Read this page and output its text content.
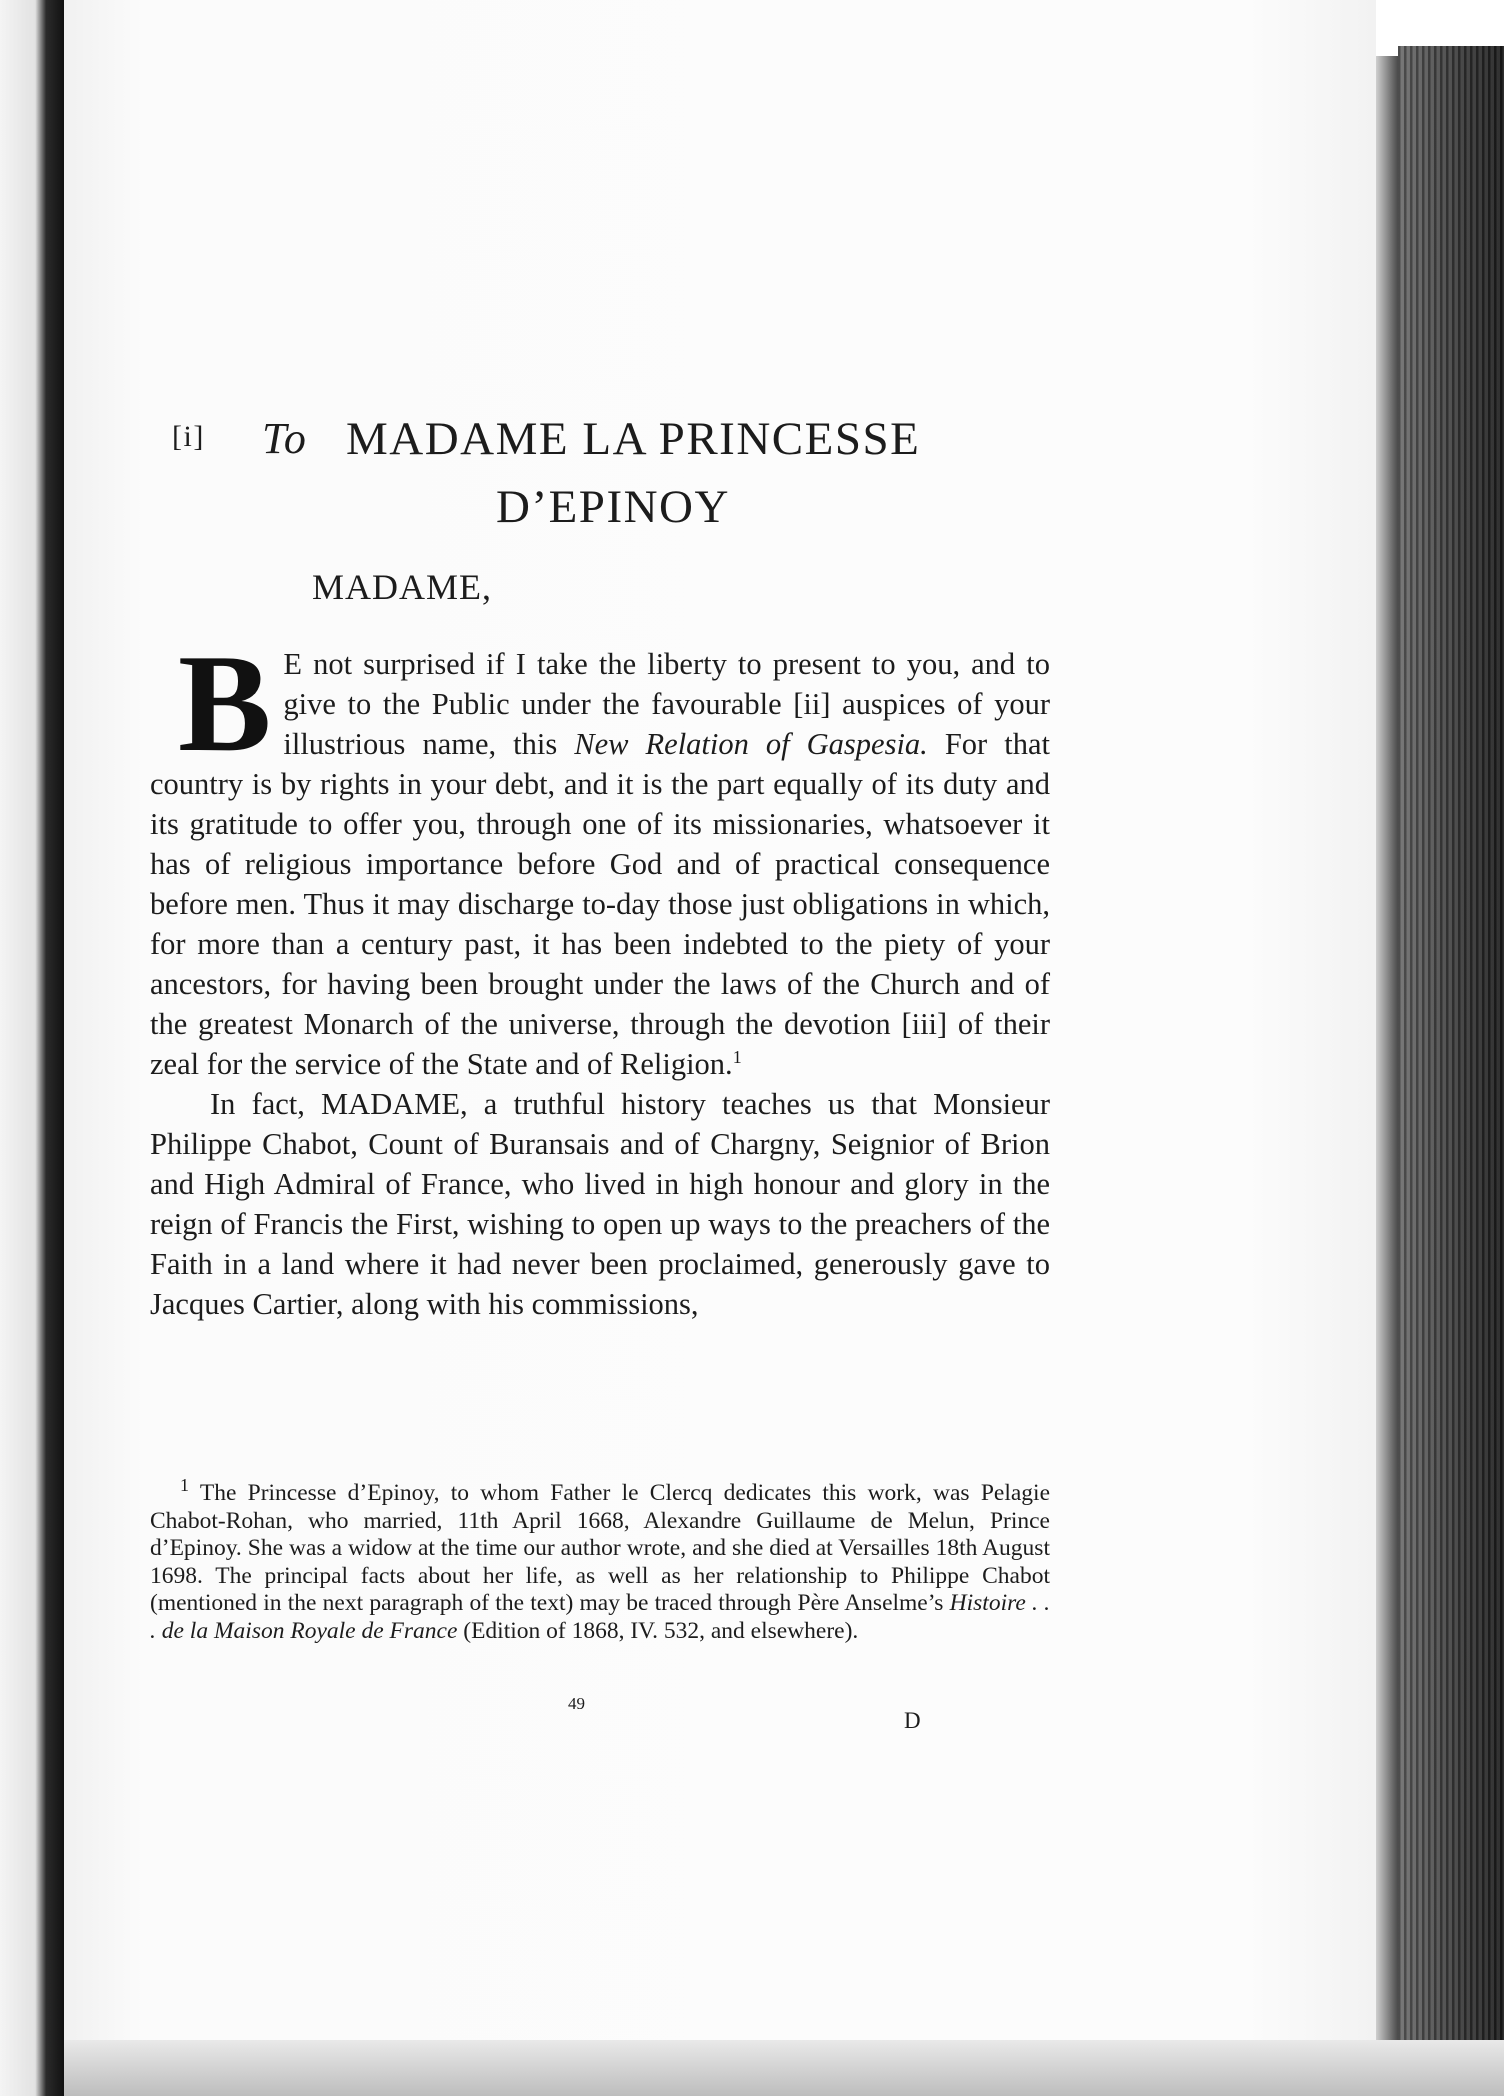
[i] To MADAME LA PRINCESSE
D’EPINOY
MADAME,

B E not surprised if I take the liberty to present to you, and to give to the Public under the favourable [ii] auspices of your illustrious name, this New Relation of Gaspesia. For that country is by rights in your debt, and it is the part equally of its duty and its gratitude to offer you, through one of its missionaries, whatsoever it has of religious importance before God and of practical consequence before men. Thus it may discharge to-day those just obligations in which, for more than a century past, it has been indebted to the piety of your ancestors, for having been brought under the laws of the Church and of the greatest Monarch of the universe, through the devotion [iii] of their zeal for the service of the State and of Religion.$^1$

In fact, MADAME, a truthful history teaches us that Monsieur Philippe Chabot, Count of Buransais and of Chargny, Seignior of Brion and High Admiral of France, who lived in high honour and glory in the reign of Francis the First, wishing to open up ways to the preachers of the Faith in a land where it had never been proclaimed, generously gave to Jacques Cartier, along with his commissions,

$^1$ The Princesse d’Epinoy, to whom Father le Clercq dedicates this work, was Pelagie Chabot-Rohan, who married, 11th April 1668, Alexandre Guillaume de Melun, Prince d’Epinoy. She was a widow at the time our author wrote, and she died at Versailles 18th August 1698. The principal facts about her life, as well as her relationship to Philippe Chabot (mentioned in the next paragraph of the text) may be traced through Père Anselme’s Histoire . . . de la Maison Royale de France (Edition of 1868, IV. 532, and elsewhere).

49
D
